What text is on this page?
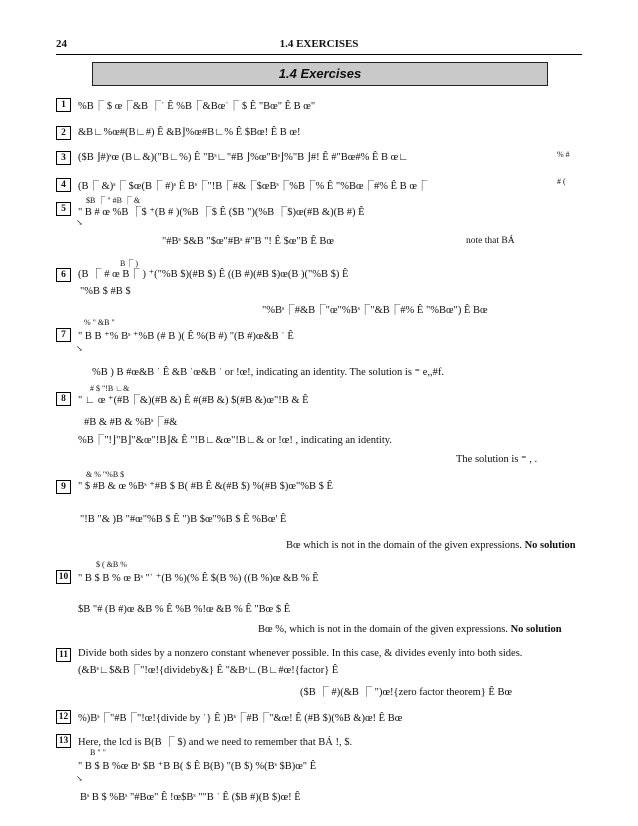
24	1.4 EXERCISES
1.4 Exercises
1	%B⎾ $ œ⎾&B ⎾ˈ Ê %B⎾&Bœˈ⎾ $ Ê "Bœ" Ê B œ"
2	&B∟%œ#(B∟#) Ê &B⌋%œ#B∟% Ê $Bœ! Ê B œ!
3	($B ⌋#)ˢœ (B∟&)("B∟%) Ê "Bˢ∟"#B ⌋%œ"Bˢ⌋%"B ⌋#! Ê #"Bœ#% Ê B œ∟	% #
4	(B⎾ &)ˢ⎾ $œ(B⎾ #)ˢ Ê Bˢ⎾"!B⎾#&⎾$œBˢ⎾%B⎾% Ê "%Bœ⎾#% Ê B œ⎾	# (
$B ⎾ " #B ⎾ &
5	" B # œ %B ⎾$ ⁺(B # )(%B ⎾$ Ê ($B ")(%B ⎾$)œ(#B &)(B #) Ê
↘
"#Bˢ $&B "$œ"#Bˢ #"B "! Ê $œ"B Ê Bœ	note that BÁ
B⎾ )
6	(B ⎾ # œ B⎾ ) ⁺("%B $)(#B $) Ê ((B #)(#B $)œ(B )("%B $) Ê
"%B $ #B $
"%Bˢ⎾#&B⎾"œ"%Bˢ⎾"&B⎾#% Ê "%Bœ") Ê Bœ
% " &B "
7	" B B ⁺% Bˢ ⁺%B (# B )( Ê %(B #) "(B #)œ&B ˈ Ê
↘
%B ) B #œ&B ˈ Ê &B ˈœ&B ˈ or !œ!, indicating an identity. The solution is ⁼ e,,#f.
# $ "!B ∟&
8	" ∟ œ ⁺(#B⎾&)(#B &) Ê #(#B &) $(#B &)œ"!B & Ê
#B & #B & %Bˢ⎾#&
%B⎾"!⌋"B⌋"&œ"!B⌋& Ê "!B∟&œ"!B∟& or !œ! , indicating an identity.
The solution is ⁼ , .
& % "%B $
9	" $ #B & œ %Bˢ ⁺#B $ B( #B Ê &(#B $) %(#B $)œ"%B $ Ê
"!B "& )B "#œ"%B $ Ê ")B $œ"%B $ Ê %Bœ' Ê
Bœ which is not in the domain of the given expressions. No solution
$ ( &B %
10 " B $ B % œ Bˢ "ˈ ⁺(B %)(% Ê $(B %) ((B %)œ &B % Ê
$B "# (B #)œ &B % Ê %B %!œ &B % Ê "Bœ $ Ê
Bœ %, which is not in the domain of the given expressions. No solution
11 Divide both sides by a nonzero constant whenever possible. In this case, & divides evenly into both sides.
(&Bˢ∟$&B⎾"!œ!{divideby&} Ê "&Bˢ∟(B∟#œ!{factor} Ê
($B ⎾ #)(&B ⎾ ")œ!{zero factor theorem} Ê Bœ
12 %)Bˢ⎾"#B⎾"!œ!{divide by ˈ} Ê )Bˢ⎾#B⎾"&œ! Ê (#B $)(%B &)œ! Ê Bœ
13 Here, the lcd is B(B ⎾ $) and we need to remember that BÁ !, $.
B " "
" B $ B %œ Bˢ $B ⁺B B( $ Ê B(B) "(B $) %(Bˢ $B)œ" Ê
↘
Bˢ B $ %Bˢ "#Bœ" Ê !œ$Bˢ ""B ˈ Ê ($B #)(B $)œ! Ê
